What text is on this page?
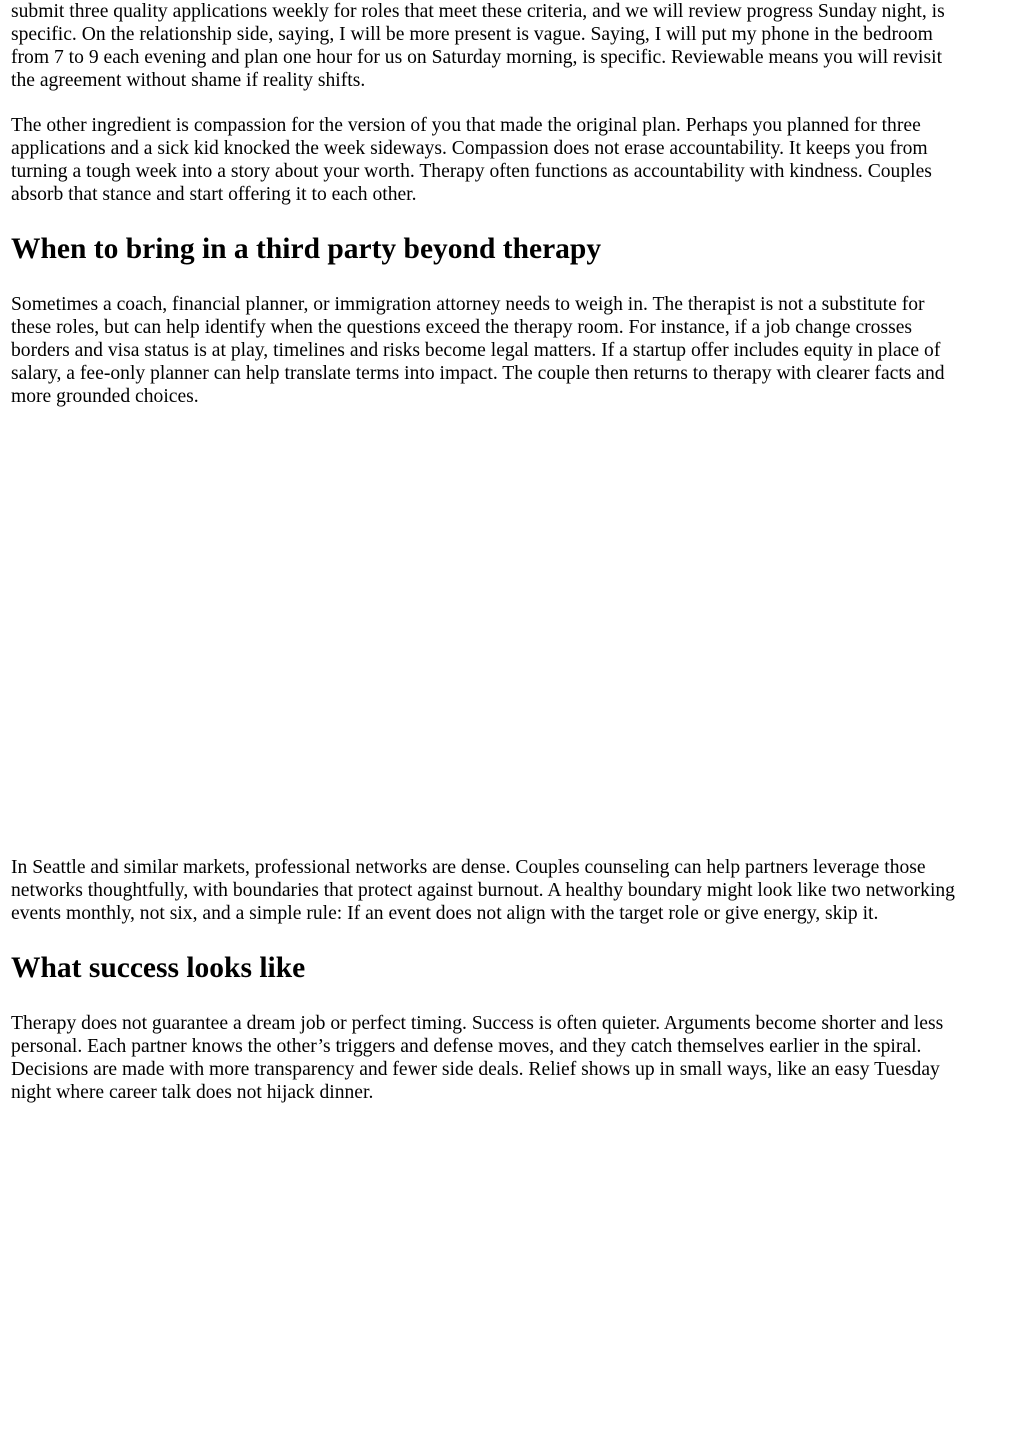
submit three quality applications weekly for roles that meet these criteria, and we will review progress Sunday night, is
specific. On the relationship side, saying, I will be more present is vague. Saying, I will put my phone in the bedroom
from 7 to 9 each evening and plan one hour for us on Saturday morning, is specific. Reviewable means you will revisit
the agreement without shame if reality shifts.
The other ingredient is compassion for the version of you that made the original plan. Perhaps you planned for three
applications and a sick kid knocked the week sideways. Compassion does not erase accountability. It keeps you from
turning a tough week into a story about your worth. Therapy often functions as accountability with kindness. Couples
absorb that stance and start offering it to each other.
When to bring in a third party beyond therapy
Sometimes a coach, financial planner, or immigration attorney needs to weigh in. The therapist is not a substitute for
these roles, but can help identify when the questions exceed the therapy room. For instance, if a job change crosses
borders and visa status is at play, timelines and risks become legal matters. If a startup offer includes equity in place of
salary, a fee-only planner can help translate terms into impact. The couple then returns to therapy with clearer facts and
more grounded choices.
In Seattle and similar markets, professional networks are dense. Couples counseling can help partners leverage those
networks thoughtfully, with boundaries that protect against burnout. A healthy boundary might look like two networking
events monthly, not six, and a simple rule: If an event does not align with the target role or give energy, skip it.
What success looks like
Therapy does not guarantee a dream job or perfect timing. Success is often quieter. Arguments become shorter and less
personal. Each partner knows the other’s triggers and defense moves, and they catch themselves earlier in the spiral.
Decisions are made with more transparency and fewer side deals. Relief shows up in small ways, like an easy Tuesday
night where career talk does not hijack dinner.
